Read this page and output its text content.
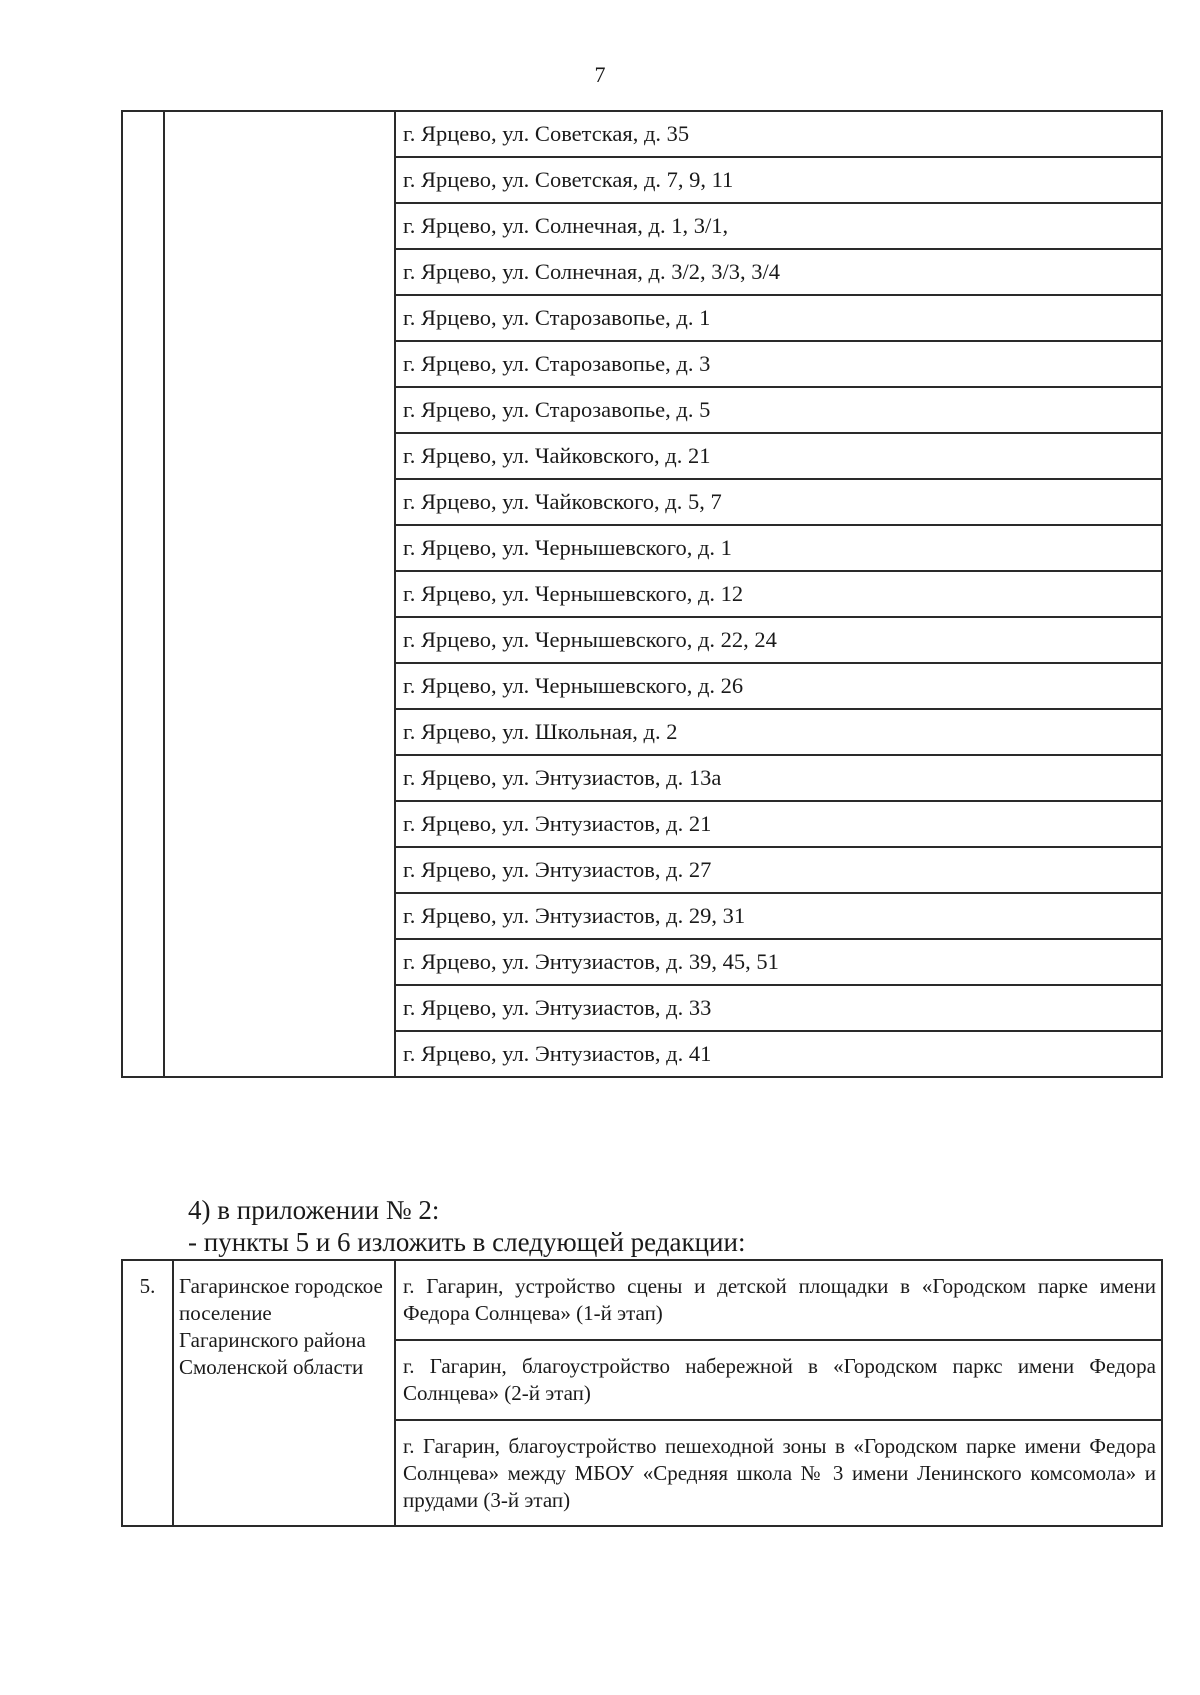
7
		г. Ярцево, ул. Советская, д. 35
г. Ярцево, ул. Советская, д. 7, 9, 11
г. Ярцево, ул. Солнечная, д. 1, 3/1,
г. Ярцево, ул. Солнечная, д. 3/2, 3/3, 3/4
г. Ярцево, ул. Старозавопье, д. 1
г. Ярцево, ул. Старозавопье, д. 3
г. Ярцево, ул. Старозавопье, д. 5
г. Ярцево, ул. Чайковского, д. 21
г. Ярцево, ул. Чайковского, д. 5, 7
г. Ярцево, ул. Чернышевского, д. 1
г. Ярцево, ул. Чернышевского, д. 12
г. Ярцево, ул. Чернышевского, д. 22, 24
г. Ярцево, ул. Чернышевского, д. 26
г. Ярцево, ул. Школьная, д. 2
г. Ярцево, ул. Энтузиастов, д. 13а
г. Ярцево, ул. Энтузиастов, д. 21
г. Ярцево, ул. Энтузиастов, д. 27
г. Ярцево, ул. Энтузиастов, д. 29, 31
г. Ярцево, ул. Энтузиастов, д. 39, 45, 51
г. Ярцево, ул. Энтузиастов, д. 33
г. Ярцево, ул. Энтузиастов, д. 41
4) в приложении № 2:
- пункты 5 и 6 изложить в следующей редакции:
5.	Гагаринское городское поселение Гагаринского района Смоленской области	г. Гагарин, устройство сцены и детской площадки в «Городском парке имени Федора Солнцева» (1-й этап)
г. Гагарин, благоустройство набережной в «Городском паркс имени Федора Солнцева» (2-й этап)
г. Гагарин, благоустройство пешеходной зоны в «Городском парке имени Федора Солнцева» между МБОУ «Средняя школа № 3 имени Ленинского комсомола» и прудами (3-й этап)
